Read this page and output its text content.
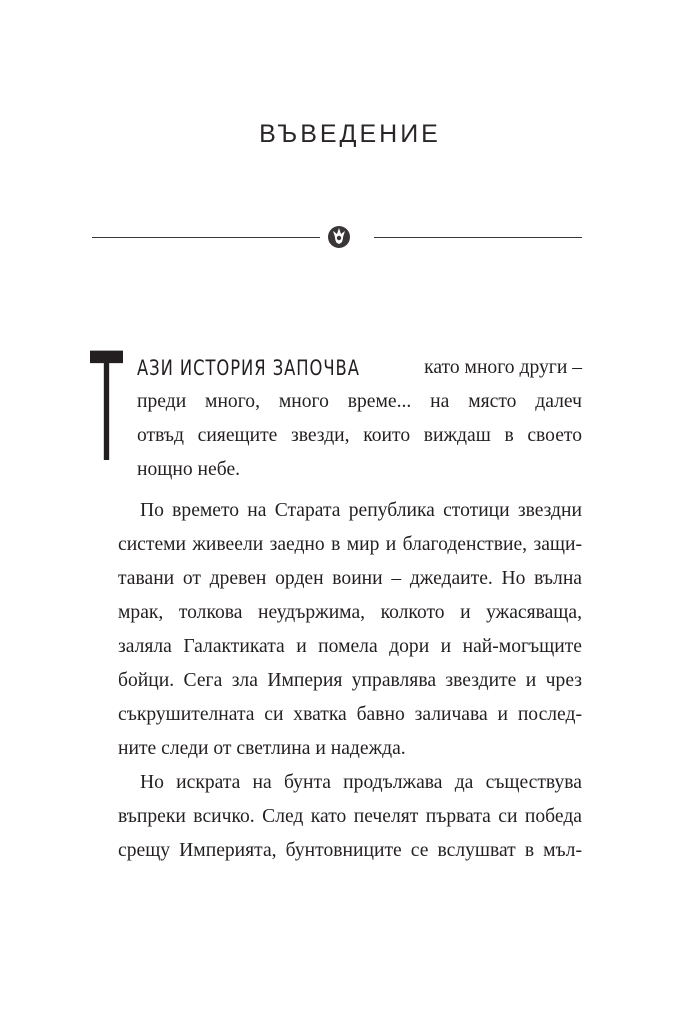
ВЪВЕДЕНИЕ
Т АЗИ ИСТОРИЯ ЗАПОЧВА	като много други –
преди много, много време... на място далеч
отвъд сияещите звезди, които виждаш в своето
нощно небе.
По времето на Старата република стотици звездни
системи живеели заедно в мир и благоденствие, защи-
тавани от древен орден воини – джедаите. Но вълна
мрак, толкова неудържима, колкото и ужасяваща,
заляла Галактиката и помела дори и най-могъщите
бойци. Сега зла Империя управлява звездите и чрез
съкрушителната си хватка бавно заличава и послед-
ните следи от светлина и надежда.
Но искрата на бунта продължава да съществува
въпреки всичко. След като печелят първата си победа
срещу Империята, бунтовниците се вслушват в мъл-
